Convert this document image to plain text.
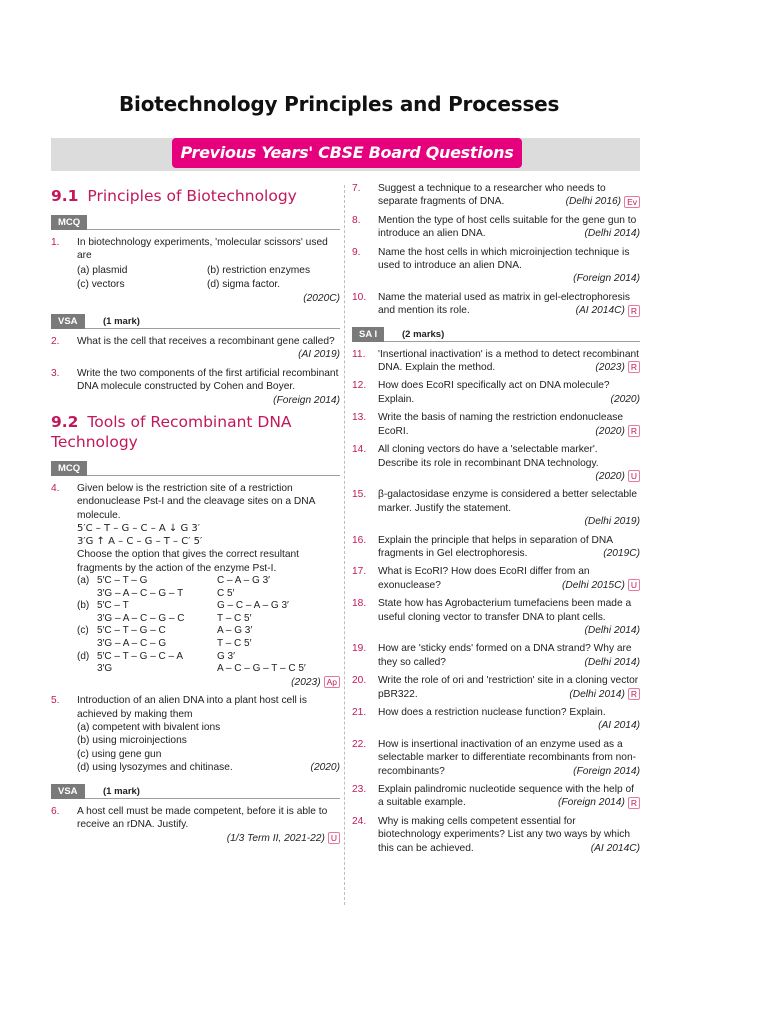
Biotechnology Principles and Processes
Previous Years' CBSE Board Questions
9.1 Principles of Biotechnology
MCQ
1. In biotechnology experiments, 'molecular scissors' used are
(a) plasmid	(b) restriction enzymes
(c) vectors	(d) sigma factor.
(2020C)
VSA	(1 mark)
2. What is the cell that receives a recombinant gene called?
(AI 2019)
3. Write the two components of the first artificial recombinant DNA molecule constructed by Cohen and Boyer.
(Foreign 2014)
9.2 Tools of Recombinant DNA Technology
MCQ
4. Given below is the restriction site of a restriction endonuclease Pst-I and the cleavage sites on a DNA molecule.
5′C – T – G – C – A ↓ G 3′
3′G ↑ A – C – G – T – C′ 5′
Choose the option that gives the correct resultant fragments by the action of the enzyme Pst-I.
(a) 5′C – T – G	C – A – G 3′
3′G – A – C – G – T	C 5′
(b) 5′C – T	G – C – A – G 3′
3′G – A – C – G – C	T – C 5′
(c) 5′C – T – G – C	A – G 3′
3′G – A – C – G	T – C 5′
(d) 5′C – T – G – C – A	G 3′
3′G	A – C – G – T – C 5′
(2023) Ap
5. Introduction of an alien DNA into a plant host cell is achieved by making them
(a) competent with bivalent ions
(b) using microinjections
(c) using gene gun
(d) using lysozymes and chitinase.	(2020)
VSA	(1 mark)
6. A host cell must be made competent, before it is able to receive an rDNA. Justify.
(1/3 Term II, 2021-22) U
7. Suggest a technique to a researcher who needs to separate fragments of DNA.	(Delhi 2016) Ev
8. Mention the type of host cells suitable for the gene gun to introduce an alien DNA.	(Delhi 2014)
9. Name the host cells in which microinjection technique is used to introduce an alien DNA.
(Foreign 2014)
10. Name the material used as matrix in gel-electrophoresis and mention its role.	(AI 2014C) R
SA I	(2 marks)
11. 'Insertional inactivation' is a method to detect recombinant DNA. Explain the method.	(2023) R
12. How does EcoRI specifically act on DNA molecule? Explain.	(2020)
13. Write the basis of naming the restriction endonuclease EcoRI.	(2020) R
14. All cloning vectors do have a 'selectable marker'. Describe its role in recombinant DNA technology.
(2020) U
15. β-galactosidase enzyme is considered a better selectable marker. Justify the statement.
(Delhi 2019)
16. Explain the principle that helps in separation of DNA fragments in Gel electrophoresis.	(2019C)
17. What is EcoRI? How does EcoRI differ from an exonuclease?	(Delhi 2015C) U
18. State how has Agrobacterium tumefaciens been made a useful cloning vector to transfer DNA to plant cells.
(Delhi 2014)
19. How are 'sticky ends' formed on a DNA strand? Why are they so called?	(Delhi 2014)
20. Write the role of ori and 'restriction' site in a cloning vector pBR322.	(Delhi 2014) R
21. How does a restriction nuclease function? Explain.
(AI 2014)
22. How is insertional inactivation of an enzyme used as a selectable marker to differentiate recombinants from non-recombinants?	(Foreign 2014)
23. Explain palindromic nucleotide sequence with the help of a suitable example.	(Foreign 2014) R
24. Why is making cells competent essential for biotechnology experiments? List any two ways by which this can be achieved.	(AI 2014C)
